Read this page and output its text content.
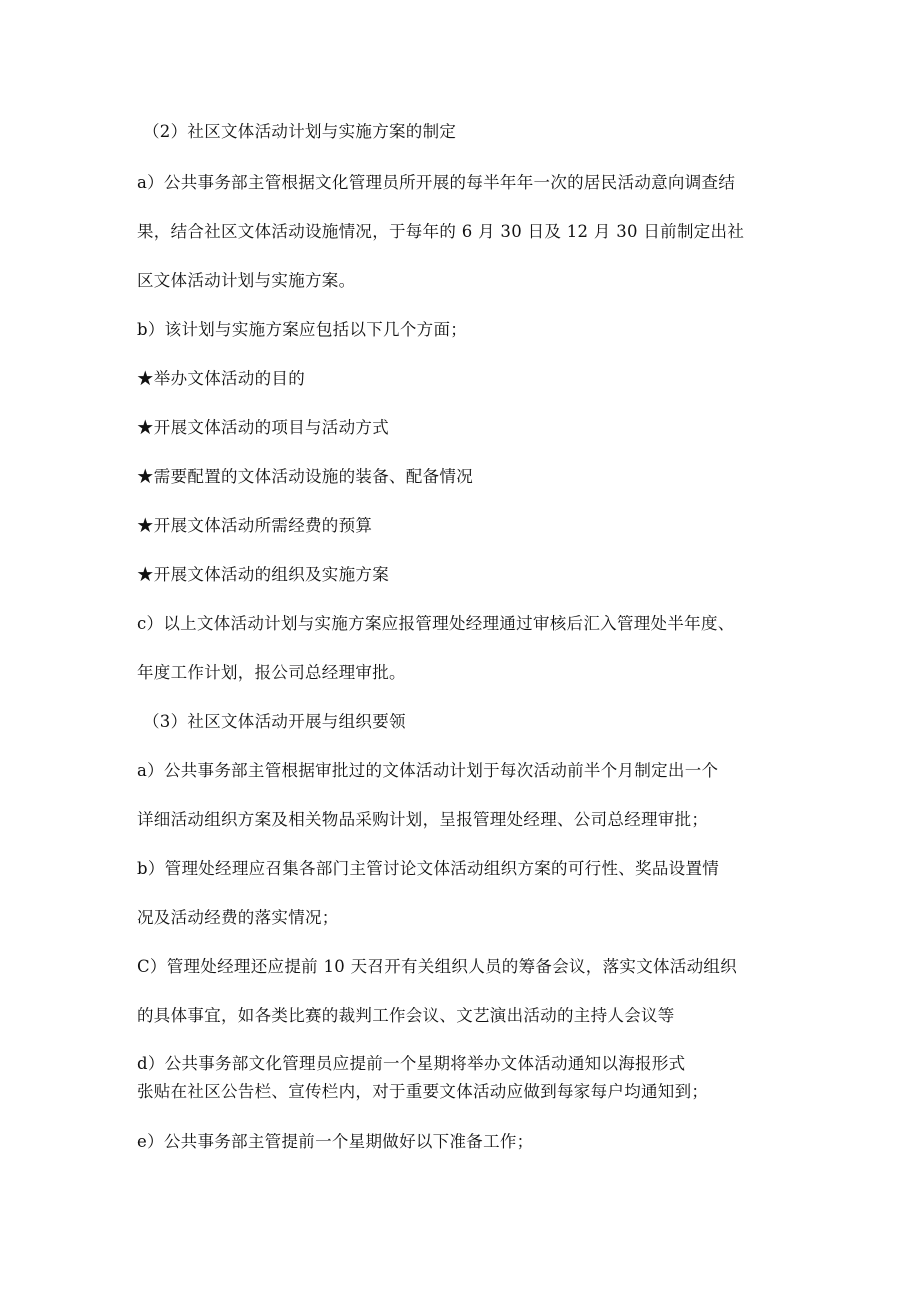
（2）社区文体活动计划与实施方案的制定
a）公共事务部主管根据文化管理员所开展的每半年年一次的居民活动意向调查结
果，结合社区文体活动设施情况，于每年的 6 月 30 日及 12 月 30 日前制定出社
区文体活动计划与实施方案。
b）该计划与实施方案应包括以下几个方面；
★举办文体活动的目的
★开展文体活动的项目与活动方式
★需要配置的文体活动设施的装备、配备情况
★开展文体活动所需经费的预算
★开展文体活动的组织及实施方案
c）以上文体活动计划与实施方案应报管理处经理通过审核后汇入管理处半年度、
年度工作计划，报公司总经理审批。
（3）社区文体活动开展与组织要领
a）公共事务部主管根据审批过的文体活动计划于每次活动前半个月制定出一个
详细活动组织方案及相关物品采购计划，呈报管理处经理、公司总经理审批；
b）管理处经理应召集各部门主管讨论文体活动组织方案的可行性、奖品设置情
况及活动经费的落实情况；
C）管理处经理还应提前 10 天召开有关组织人员的筹备会议，落实文体活动组织
的具体事宜，如各类比赛的裁判工作会议、文艺演出活动的主持人会议等
d）公共事务部文化管理员应提前一个星期将举办文体活动通知以海报形式
张贴在社区公告栏、宣传栏内，对于重要文体活动应做到每家每户均通知到；
e）公共事务部主管提前一个星期做好以下准备工作；
